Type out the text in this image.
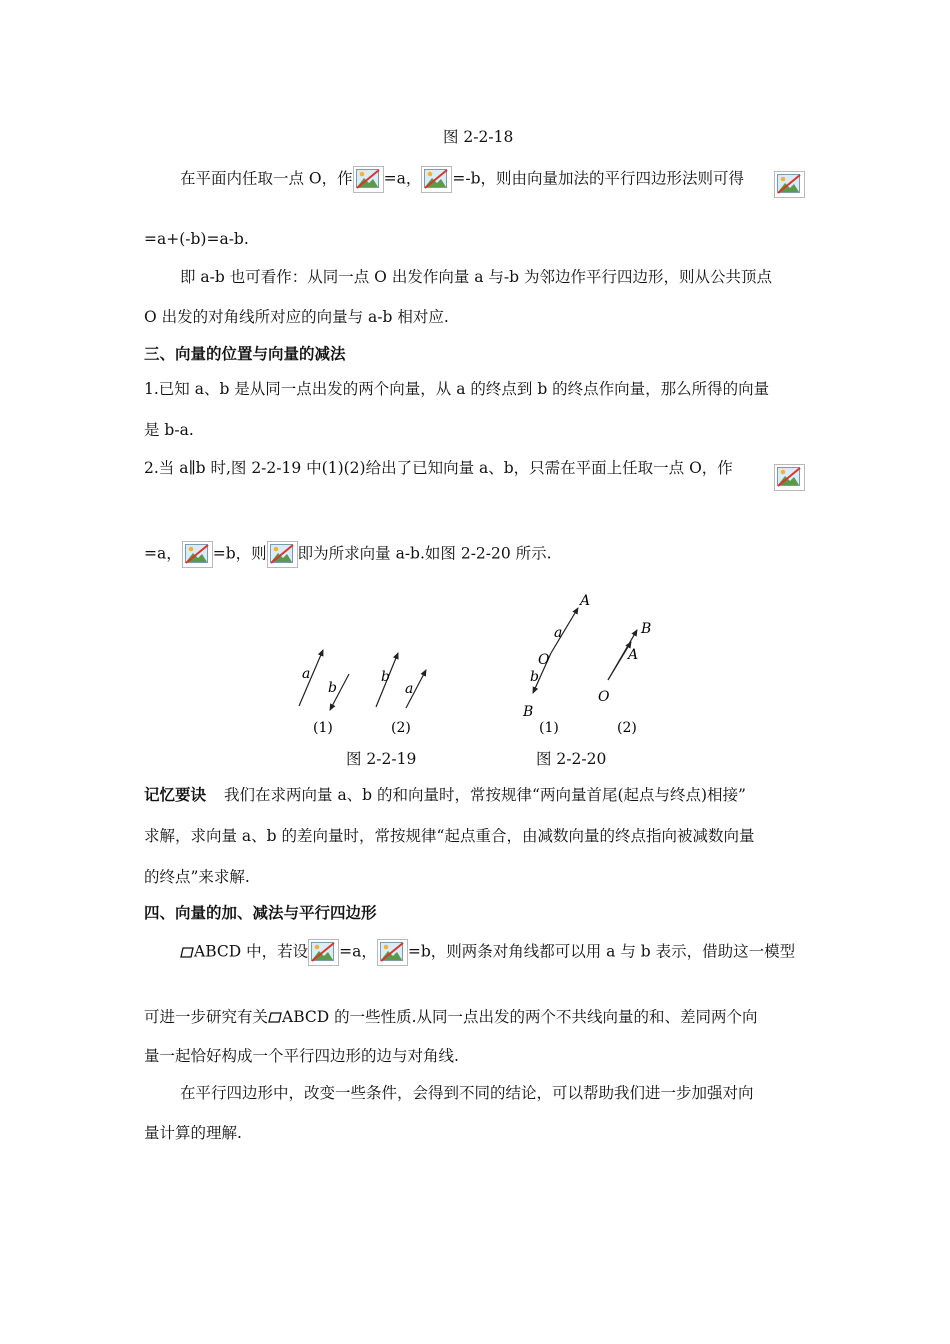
图 2-2-18
在平面内任取一点 O，作 =a， =-b，则由向量加法的平行四边形法则可得
=a+(-b)=a-b.
即 a-b 也可看作：从同一点 O 出发作向量 a 与-b 为邻边作平行四边形，则从公共顶点
O 出发的对角线所对应的向量与 a-b 相对应.
三、向量的位置与向量的减法
1.已知 a、b 是从同一点出发的两个向量，从 a 的终点到 b 的终点作向量，那么所得的向量
是 b-a.
2.当 a∥b 时,图 2-2-19 中(1)(2)给出了已知向量 a、b，只需在平面上任取一点 O，作
=a， =b，则 即为所求向量 a-b.如图 2-2-20 所示.
a
b
b
a
(1)	(2)
图 2-2-19
A
a
O
b
B
B
A
O
(1)	(2)
图 2-2-20
记忆要诀 我们在求两向量 a、b 的和向量时，常按规律“两向量首尾(起点与终点)相接”
求解，求向量 a、b 的差向量时，常按规律“起点重合，由减数向量的终点指向被减数向量
的终点”来求解.
四、向量的加、减法与平行四边形
ABCD 中，若设 =a， =b，则两条对角线都可以用 a 与 b 表示，借助这一模型
可进一步研究有关 ABCD 的一些性质.从同一点出发的两个不共线向量的和、差同两个向
量一起恰好构成一个平行四边形的边与对角线.
在平行四边形中，改变一些条件，会得到不同的结论，可以帮助我们进一步加强对向
量计算的理解.
